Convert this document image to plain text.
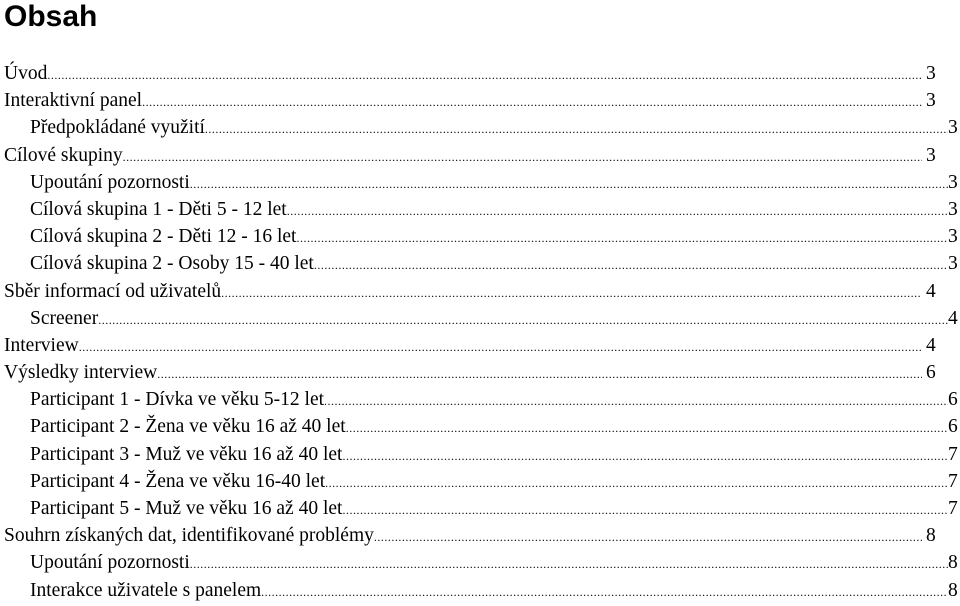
Obsah
Úvod .....	3
Interaktivní panel .....	3
Předpokládané využití .....	3
Cílové skupiny .....	3
Upoutání pozornosti .....	3
Cílová skupina 1 - Děti 5 - 12 let .....	3
Cílová skupina 2 - Děti 12 - 16 let .....	3
Cílová skupina 2 - Osoby 15 - 40 let .....	3
Sběr informací od uživatelů .....	4
Screener .....	4
Interview .....	4
Výsledky interview .....	6
Participant 1 - Dívka ve věku 5-12 let .....	6
Participant 2 - Žena ve věku 16 až 40 let .....	6
Participant 3 - Muž ve věku 16 až 40 let .....	7
Participant 4 - Žena ve věku 16-40 let .....	7
Participant 5 - Muž ve věku 16 až 40 let .....	7
Souhrn získaných dat, identifikované problémy .....	8
Upoutání pozornosti .....	8
Interakce uživatele s panelem .....	8
